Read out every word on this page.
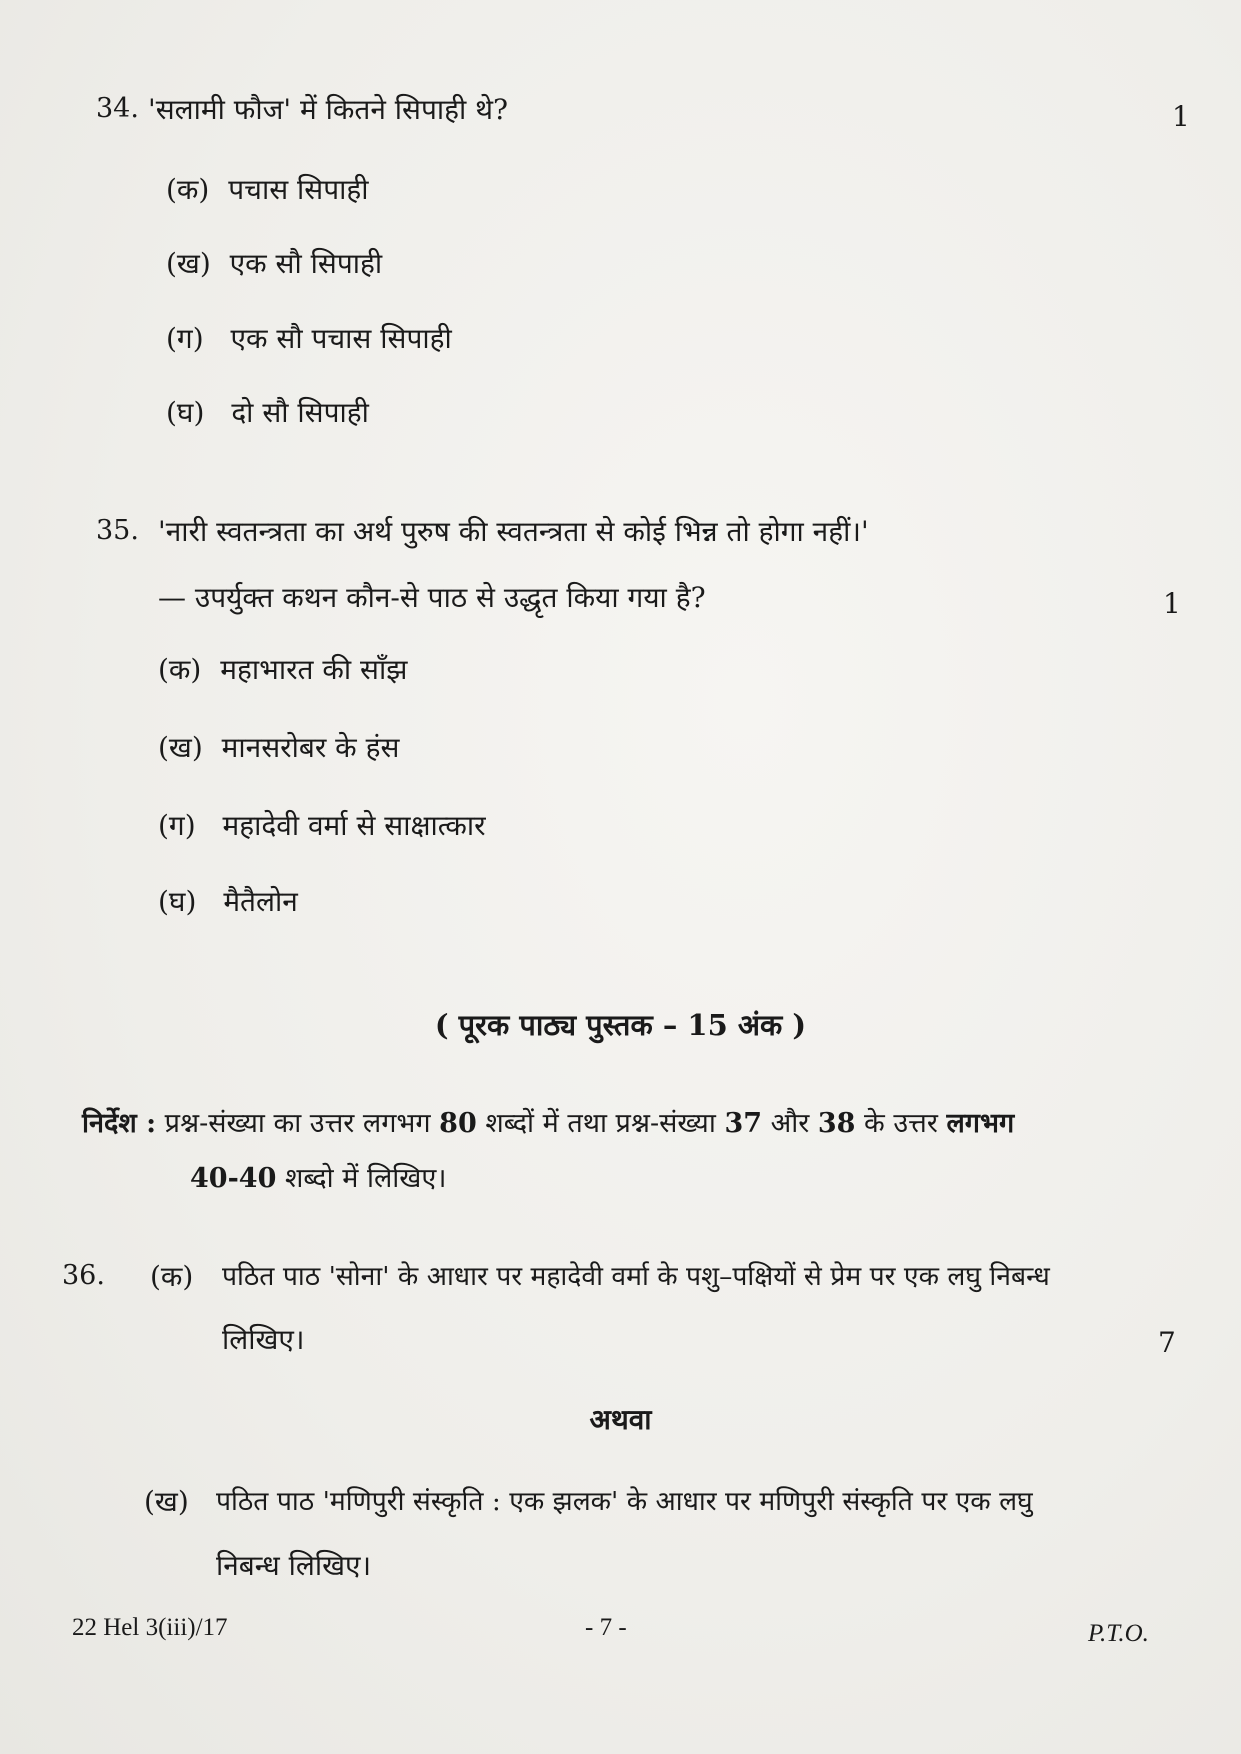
34. 'सलामी फौज' में कितने सिपाही थे?	1
(क) पचास सिपाही
(ख) एक सौ सिपाही
(ग) एक सौ पचास सिपाही
(घ) दो सौ सिपाही
35. 'नारी स्वतन्त्रता का अर्थ पुरुष की स्वतन्त्रता से कोई भिन्न तो होगा नहीं।'
— उपर्युक्त कथन कौन-से पाठ से उद्धृत किया गया है?	1
(क) महाभारत की साँझ
(ख) मानसरोबर के हंस
(ग) महादेवी वर्मा से साक्षात्कार
(घ) मैतैलोन
( पूरक पाठ्य पुस्तक – 15 अंक )
निर्देश : प्रश्न-संख्या का उत्तर लगभग 80 शब्दों में तथा प्रश्न-संख्या 37 और 38 के उत्तर लगभग
40-40 शब्दो में लिखिए।
36. (क) पठित पाठ 'सोना' के आधार पर महादेवी वर्मा के पशु–पक्षियों से प्रेम पर एक लघु निबन्ध
लिखिए।	7
अथवा
(ख) पठित पाठ 'मणिपुरी संस्कृति : एक झलक' के आधार पर मणिपुरी संस्कृति पर एक लघु
निबन्ध लिखिए।
22 Hel 3(iii)/17	- 7 -	P.T.O.
